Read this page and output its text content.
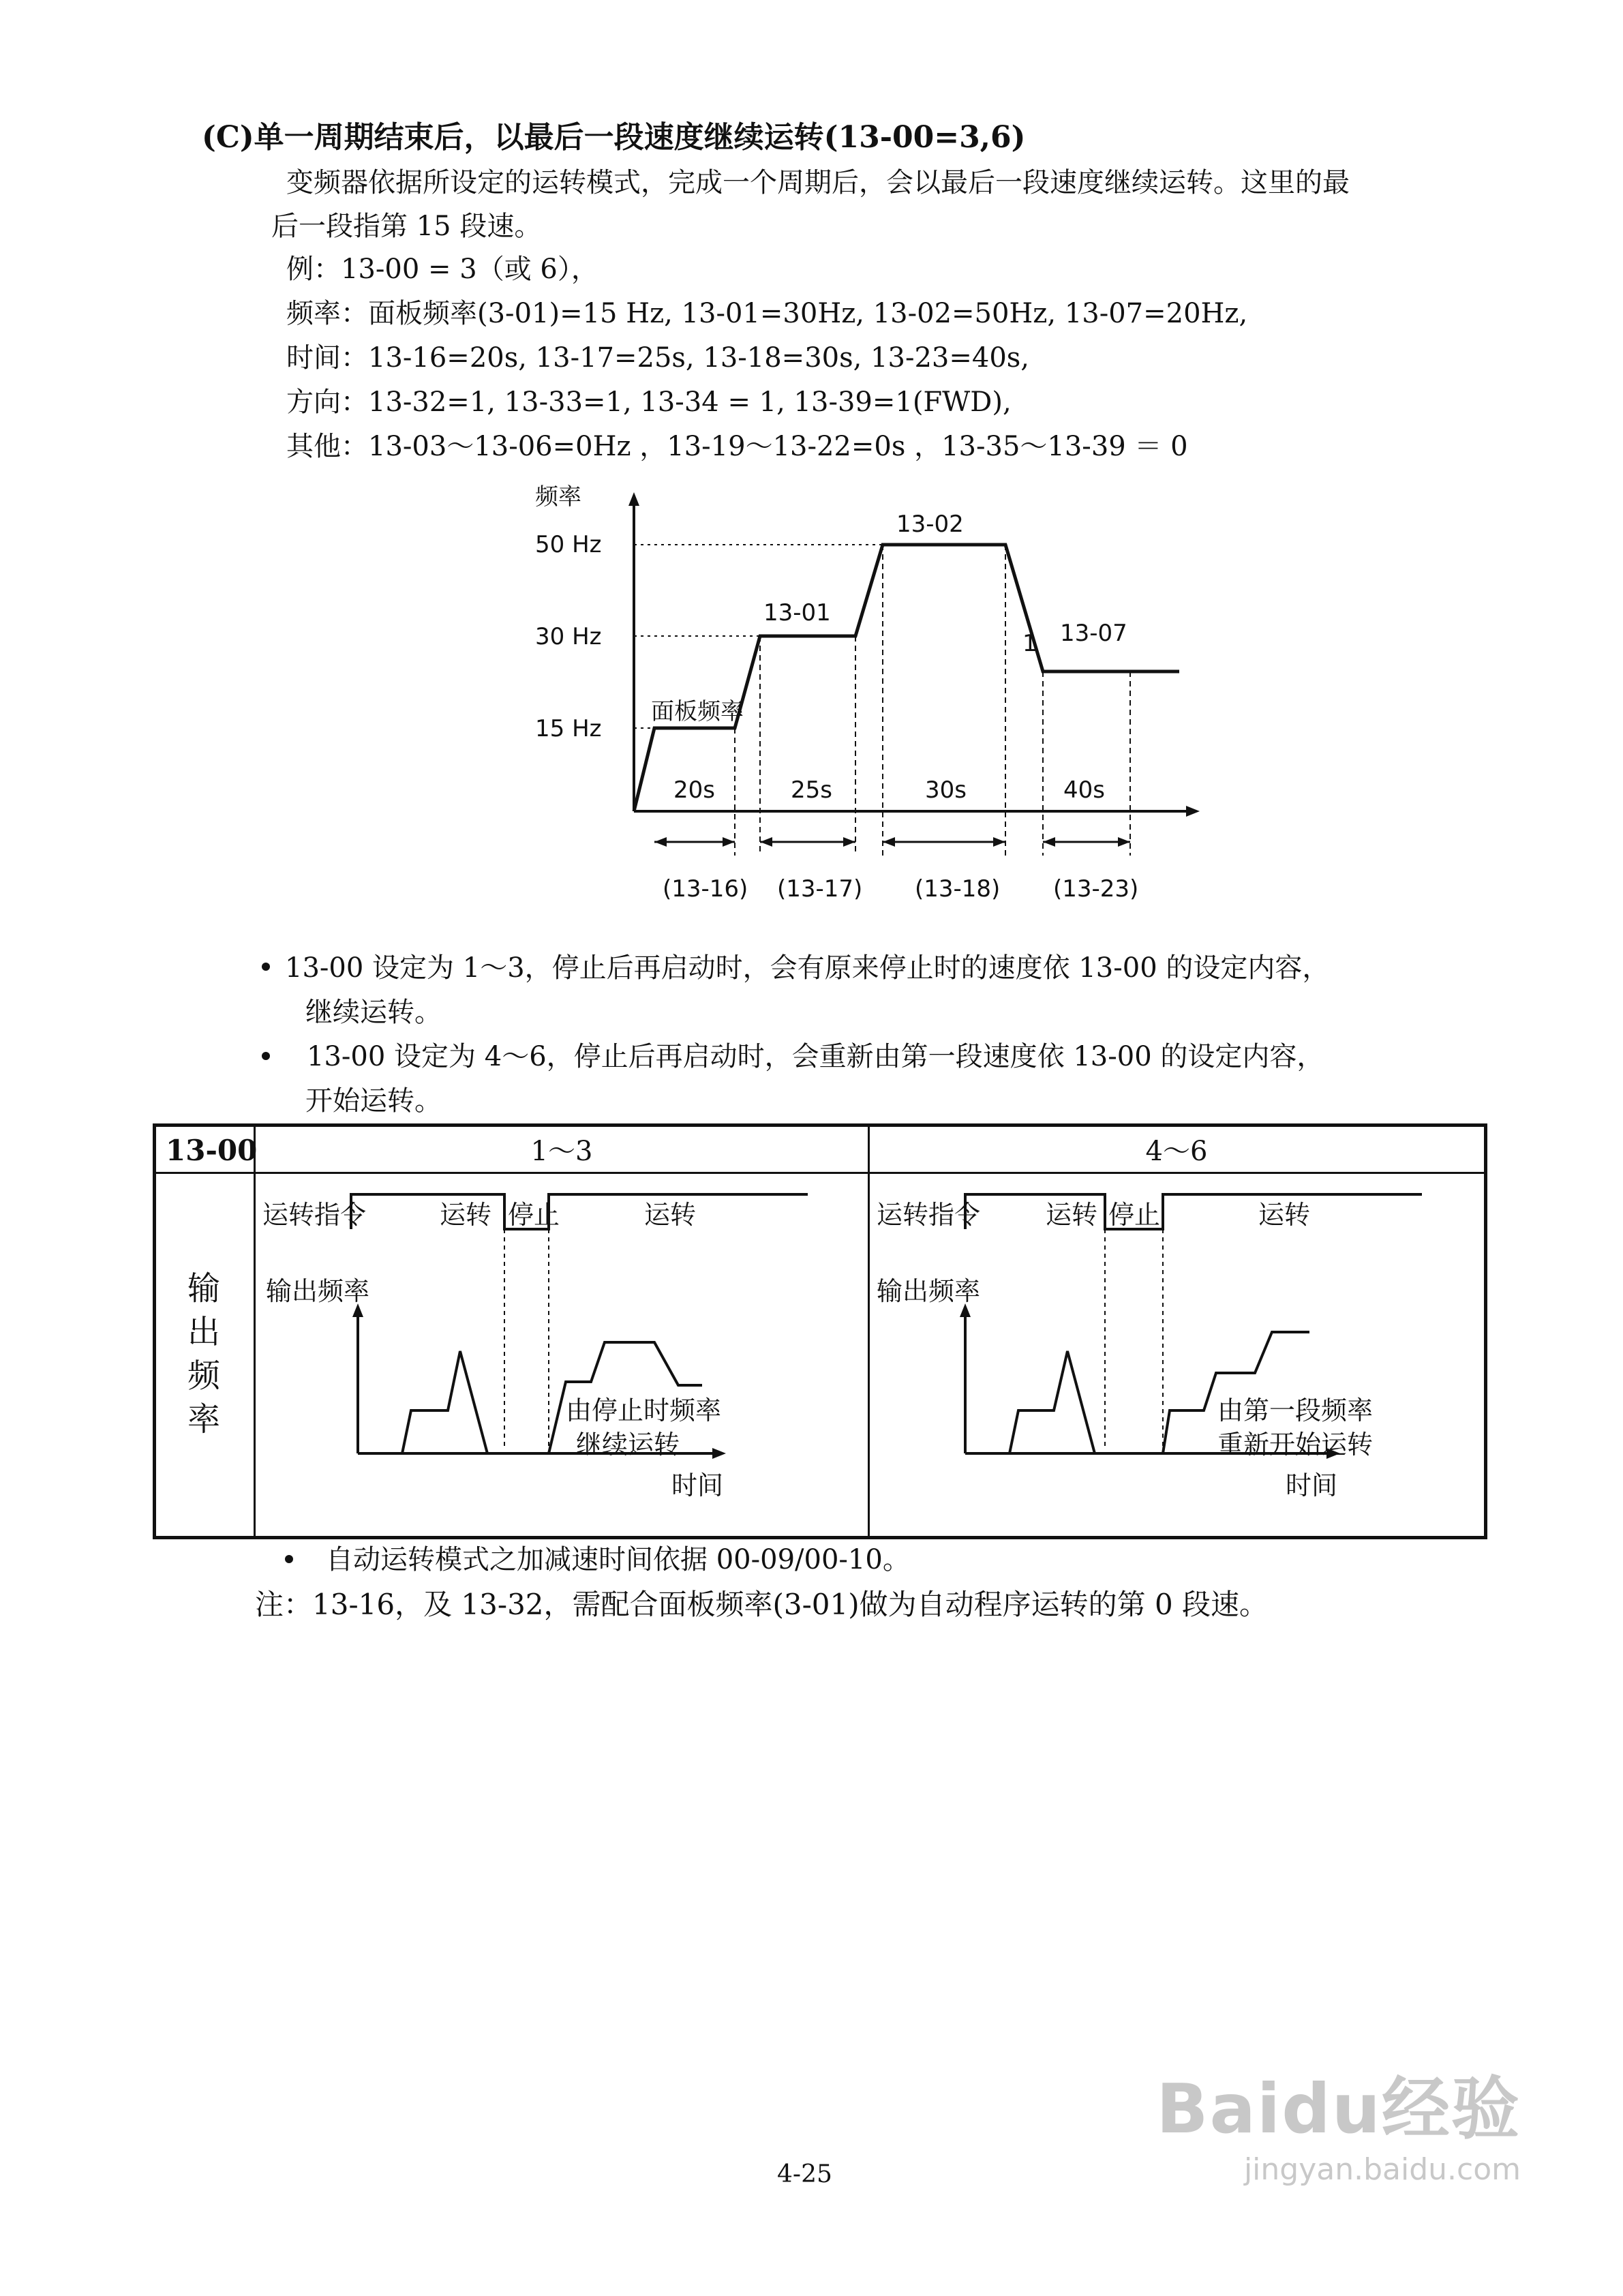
(C)单一周期结束后，以最后一段速度继续运转(13-00=3,6)
变频器依据所设定的运转模式，完成一个周期后，会以最后一段速度继续运转。这里的最
后一段指第 15 段速。
例：13-00 = 3（或 6），
频率：面板频率(3-01)=15 Hz, 13-01=30Hz, 13-02=50Hz, 13-07=20Hz,
时间：13-16=20s, 13-17=25s, 13-18=30s, 13-23=40s,
方向：13-32=1, 13-33=1, 13-34 = 1, 13-39=1(FWD),
其他：13-03～13-06=0Hz ，13-19～13-22=0s ，13-35～13-39 ＝ 0
频率
50 Hz
30 Hz
15 Hz
面板频率
13-01
13-02
1 13-07
20s	25s	30s	40s
(13-16) (13-17) (13-18) (13-23)
13-00 设定为 1～3，停止后再启动时，会有原来停止时的速度依 13-00 的设定内容，
继续运转。
13-00 设定为 4～6，停止后再启动时，会重新由第一段速度依 13-00 的设定内容，
开始运转。
13-00	1～3	4～6
输出频率
运转指令	运转 停止	运转
输出频率
由停止时频率
继续运转
时间
运转指令	运转 停止	运转
输出频率
由第一段频率
重新开始运转
时间
自动运转模式之加减速时间依据 00-09/00-10。
注：13-16，及 13-32，需配合面板频率(3-01)做为自动程序运转的第 0 段速。
4-25
Baidu经验
jingyan.baidu.com
